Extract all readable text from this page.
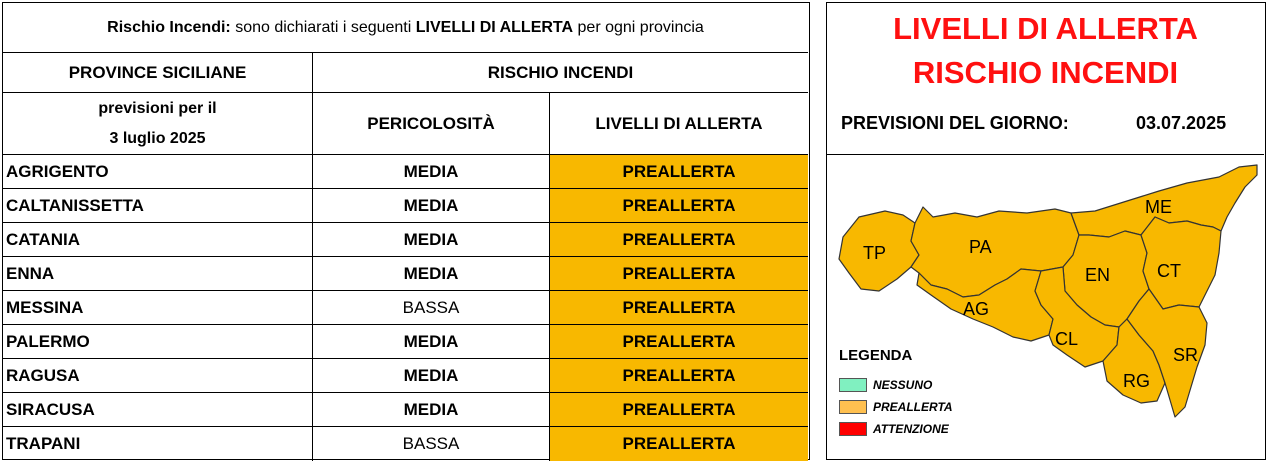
Rischio Incendi: sono dichiarati i seguenti LIVELLI DI ALLERTA per ogni provincia
PROVINCE SICILIANE	RISCHIO INCENDI
previsioni per il
3 luglio 2025
PERICOLOSITÀ	LIVELLI DI ALLERTA
AGRIGENTO	MEDIA	PREALLERTA
CALTANISSETTA	MEDIA	PREALLERTA
CATANIA	MEDIA	PREALLERTA
ENNA	MEDIA	PREALLERTA
MESSINA	BASSA	PREALLERTA
PALERMO	MEDIA	PREALLERTA
RAGUSA	MEDIA	PREALLERTA
SIRACUSA	MEDIA	PREALLERTA
TRAPANI	BASSA	PREALLERTA
LIVELLI DI ALLERTA
RISCHIO INCENDI
PREVISIONI DEL GIORNO:	03.07.2025
TP	PA
ME
EN	CT
AG
CL
SR
RG
LEGENDA
NESSUNO
PREALLERTA
ATTENZIONE
